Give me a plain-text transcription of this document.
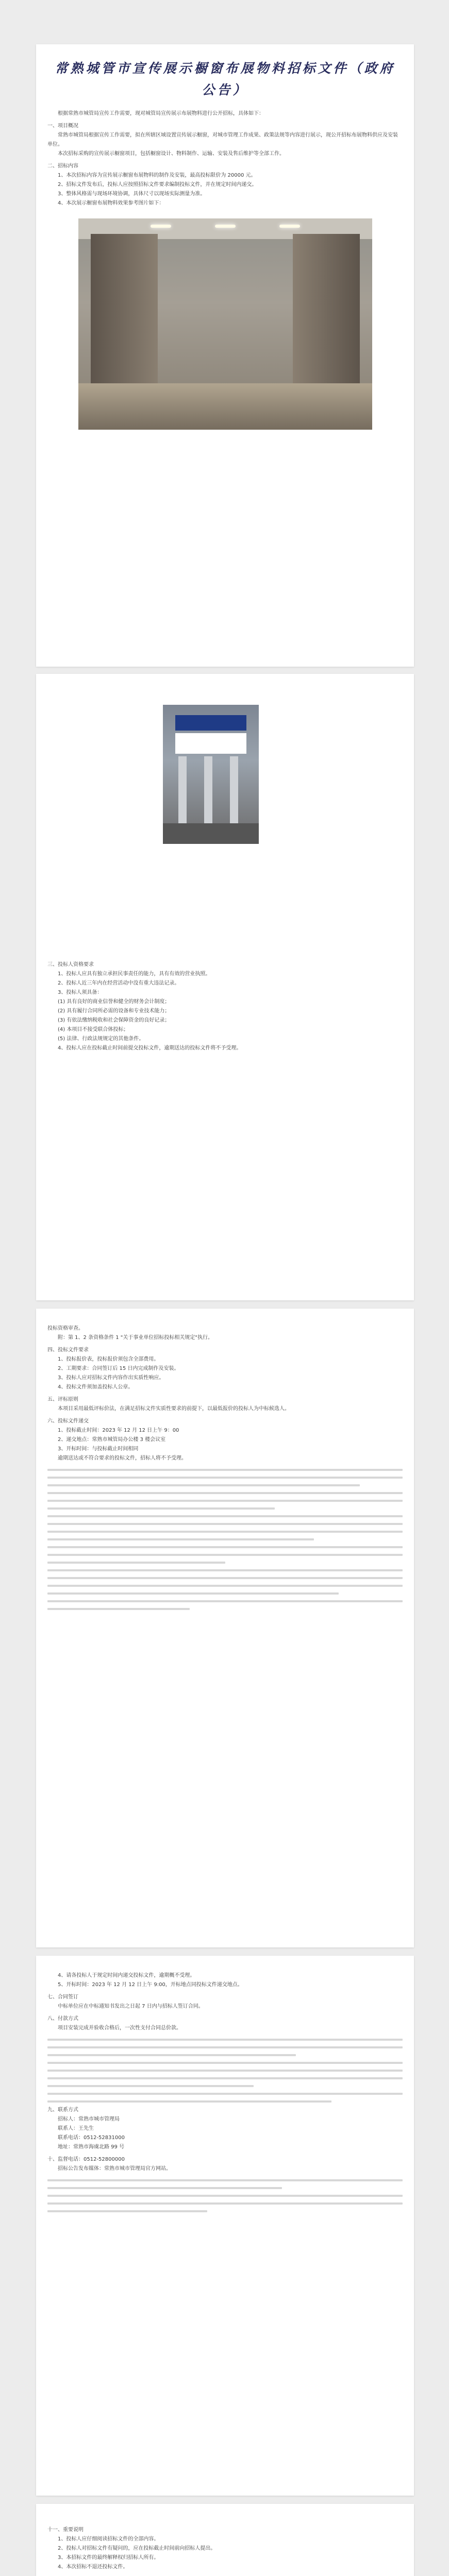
常熟城管市宣传展示橱窗布展物料招标文件（政府公告）

根据常熟市城管局宣传工作需要，现对城管局宣传展示布展物料进行公开招标，具体如下：

一、项目概况

常熟市城管局根据宣传工作需要，拟在所辖区域设置宣传展示橱窗，对城市管理工作成果、政策法规等内容进行展示，现公开招标布展物料供应及安装单位。

本次招标采购的宣传展示橱窗项目，包括橱窗设计、物料制作、运输、安装及售后维护等全部工作。

二、招标内容

1、本次招标内容为宣传展示橱窗布展物料的制作及安装，最高投标限价为 20000 元。

2、招标文件发布后，投标人应按照招标文件要求编制投标文件，并在规定时间内递交。

3、整体风格需与现场环境协调，具体尺寸以现场实际测量为准。

4、本次展示橱窗布展物料效果参考图片如下：

三、投标人资格要求

1、投标人应具有独立承担民事责任的能力，具有有效的营业执照。

2、投标人近三年内在经营活动中没有重大违法记录。

3、投标人须具备：

(1) 具有良好的商业信誉和健全的财务会计制度；

(2) 具有履行合同所必需的设备和专业技术能力；

(3) 有依法缴纳税收和社会保障资金的良好记录；

(4) 本项目不接受联合体投标；

(5) 法律、行政法规规定的其他条件。

4、投标人应在投标截止时间前提交投标文件，逾期送达的投标文件将不予受理。

投标资格审查。

附：第 1、2 条资格条件 1 "关于事业单位招标投标相关规定"执行。

四、投标文件要求

1、投标报价表，投标报价须包含全部费用。

2、工期要求：合同签订后 15 日内完成制作及安装。

3、投标人应对招标文件内容作出实质性响应。

4、投标文件须加盖投标人公章。

五、评标原则

本项目采用最低评标价法，在满足招标文件实质性要求的前提下，以最低报价的投标人为中标候选人。

六、投标文件递交

1、投标截止时间：2023 年 12 月 12 日上午 9：00

2、递交地点：常熟市城管局办公楼 3 楼会议室

3、开标时间：与投标截止时间相同

逾期送达或不符合要求的投标文件，招标人将不予受理。

4、请各投标人于规定时间内递交投标文件，逾期概不受理。

5、开标时间：2023 年 12 月 12 日上午 9:00，开标地点同投标文件递交地点。

七、合同签订

中标单位应在中标通知书发出之日起 7 日内与招标人签订合同。

八、付款方式

项目安装完成并验收合格后，一次性支付合同总价款。

九、联系方式

招标人：常熟市城市管理局

联系人：王先生

联系电话：0512-52831000

地址：常熟市海虞北路 99 号

十、监督电话：0512-52800000

招标公告发布媒体：常熟市城市管理局官方网站。

十一、重要说明

1、投标人应仔细阅读招标文件的全部内容。

2、投标人对招标文件有疑问的，应在投标截止时间前向招标人提出。

3、本招标文件的最终解释权归招标人所有。

4、本次招标不退还投标文件。
